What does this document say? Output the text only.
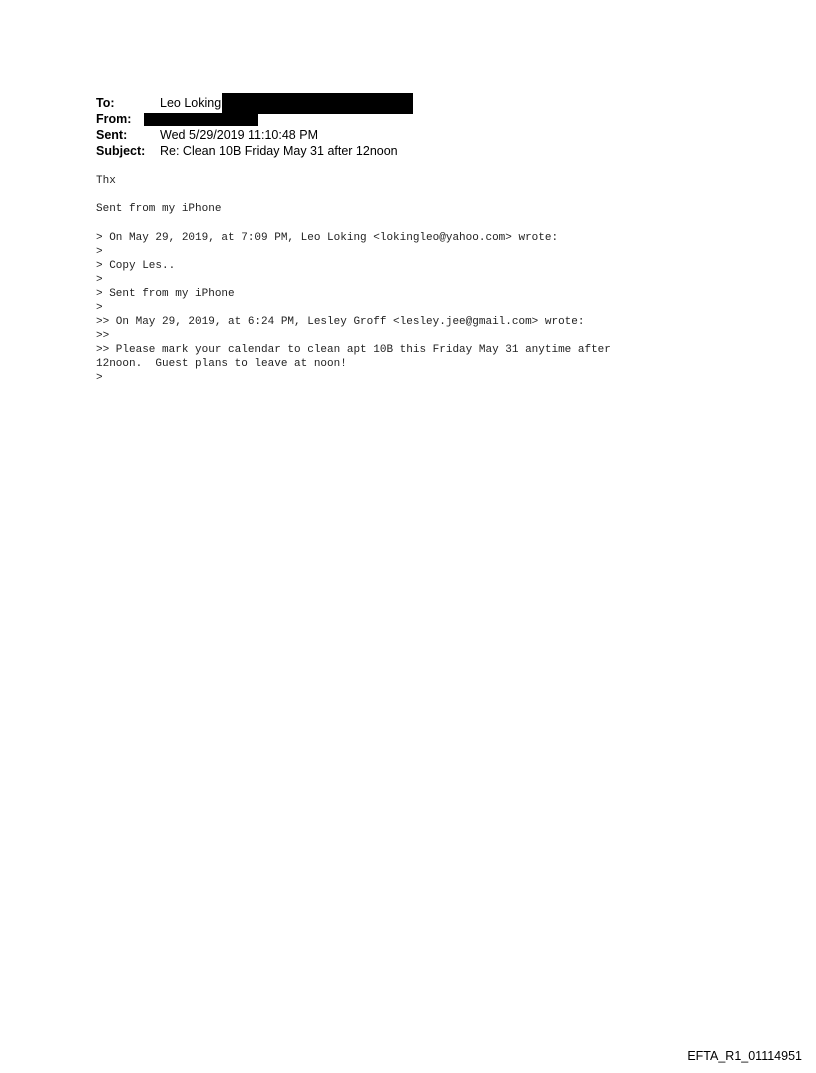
To:	Leo Loking
From:
Sent:	Wed 5/29/2019 11:10:48 PM
Subject: Re: Clean 10B Friday May 31 after 12noon
Thx
Sent from my iPhone
> On May 29, 2019, at 7:09 PM, Leo Loking <lokingleo@yahoo.com> wrote:
>
> Copy Les..
>
> Sent from my iPhone
>
>> On May 29, 2019, at 6:24 PM, Lesley Groff <lesley.jee@gmail.com> wrote:
>>
>> Please mark your calendar to clean apt 10B this Friday May 31 anytime after
12noon.  Guest plans to leave at noon!
>
EFTA_R1_01114951
